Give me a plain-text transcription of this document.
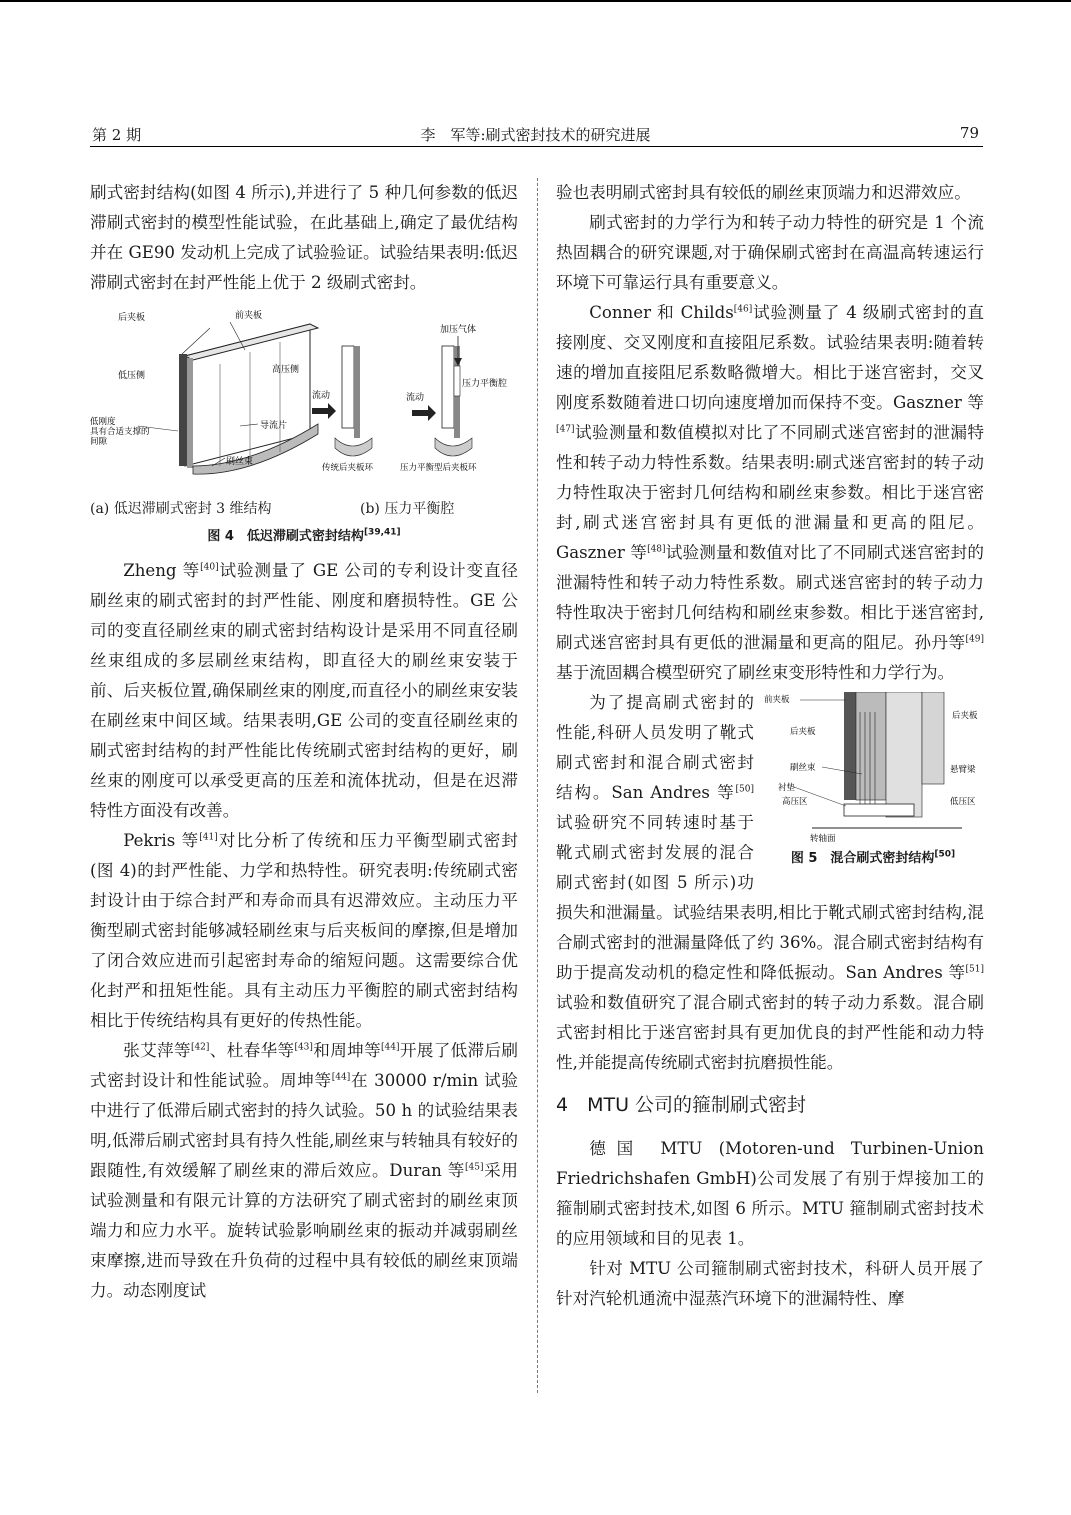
第 2 期	李　军等:刷式密封技术的研究进展	79

刷式密封结构(如图 4 所示),并进行了 5 种几何参数的低迟滞刷式密封的模型性能试验，在此基础上,确定了最优结构并在 GE90 发动机上完成了试验验证。试验结果表明:低迟滞刷式密封在封严性能上优于 2 级刷式密封。

后夹板	前夹板
低压侧
高压侧
低刚度
具有合适支撑的
间隙
导流片
刷丝束
流动	流动
加压气体
压力平衡腔
传统后夹板环	压力平衡型后夹板环
(a) 低迟滞刷式密封 3 维结构	(b) 压力平衡腔
图 4　低迟滞刷式密封结构[39,41]

Zheng 等[40]试验测量了 GE 公司的专利设计变直径刷丝束的刷式密封的封严性能、刚度和磨损特性。GE 公司的变直径刷丝束的刷式密封结构设计是采用不同直径刷丝束组成的多层刷丝束结构，即直径大的刷丝束安装于前、后夹板位置,确保刷丝束的刚度,而直径小的刷丝束安装在刷丝束中间区域。结果表明,GE 公司的变直径刷丝束的刷式密封结构的封严性能比传统刷式密封结构的更好，刷丝束的刚度可以承受更高的压差和流体扰动，但是在迟滞特性方面没有改善。

Pekris 等[41]对比分析了传统和压力平衡型刷式密封(图 4)的封严性能、力学和热特性。研究表明:传统刷式密封设计由于综合封严和寿命而具有迟滞效应。主动压力平衡型刷式密封能够减轻刷丝束与后夹板间的摩擦,但是增加了闭合效应进而引起密封寿命的缩短问题。这需要综合优化封严和扭矩性能。具有主动压力平衡腔的刷式密封结构相比于传统结构具有更好的传热性能。

张艾萍等[42]、杜春华等[43]和周坤等[44]开展了低滞后刷式密封设计和性能试验。周坤等[44]在 30000 r/min 试验中进行了低滞后刷式密封的持久试验。50 h 的试验结果表明,低滞后刷式密封具有持久性能,刷丝束与转轴具有较好的跟随性,有效缓解了刷丝束的滞后效应。Duran 等[45]采用试验测量和有限元计算的方法研究了刷式密封的刷丝束顶端力和应力水平。旋转试验影响刷丝束的振动并减弱刷丝束摩擦,进而导致在升负荷的过程中具有较低的刷丝束顶端力。动态刚度试

验也表明刷式密封具有较低的刷丝束顶端力和迟滞效应。

刷式密封的力学行为和转子动力特性的研究是 1 个流热固耦合的研究课题,对于确保刷式密封在高温高转速运行环境下可靠运行具有重要意义。

Conner 和 Childs[46]试验测量了 4 级刷式密封的直接刚度、交叉刚度和直接阻尼系数。试验结果表明:随着转速的增加直接阻尼系数略微增大。相比于迷宫密封，交叉刚度系数随着进口切向速度增加而保持不变。Gaszner 等[47]试验测量和数值模拟对比了不同刷式迷宫密封的泄漏特性和转子动力特性系数。结果表明:刷式迷宫密封的转子动力特性取决于密封几何结构和刷丝束参数。相比于迷宫密封,刷式迷宫密封具有更低的泄漏量和更高的阻尼。Gaszner 等[48]试验测量和数值对比了不同刷式迷宫密封的泄漏特性和转子动力特性系数。刷式迷宫密封的转子动力特性取决于密封几何结构和刷丝束参数。相比于迷宫密封,刷式迷宫密封具有更低的泄漏量和更高的阻尼。孙丹等[49] 基于流固耦合模型研究了刷丝束变形特性和力学行为。

前夹板
后夹板
后夹板
刷丝束	悬臂梁
衬垫
高压区	低压区
转轴面
图 5　混合刷式密封结构[50]

为了提高刷式密封的性能,科研人员发明了靴式刷式密封和混合刷式密封结构。San Andres 等[50]试验研究不同转速时基于靴式刷式密封发展的混合刷式密封(如图 5 所示)功损失和泄漏量。试验结果表明,相比于靴式刷式密封结构,混合刷式密封的泄漏量降低了约 36%。混合刷式密封结构有助于提高发动机的稳定性和降低振动。San Andres 等[51]试验和数值研究了混合刷式密封的转子动力系数。混合刷式密封相比于迷宫密封具有更加优良的封严性能和动力特性,并能提高传统刷式密封抗磨损性能。

4　MTU 公司的箍制刷式密封

德国 MTU (Motoren-und Turbinen-Union Friedrichshafen GmbH)公司发展了有别于焊接加工的箍制刷式密封技术,如图 6 所示。MTU 箍制刷式密封技术的应用领域和目的见表 1。

针对 MTU 公司箍制刷式密封技术，科研人员开展了针对汽轮机通流中湿蒸汽环境下的泄漏特性、摩
